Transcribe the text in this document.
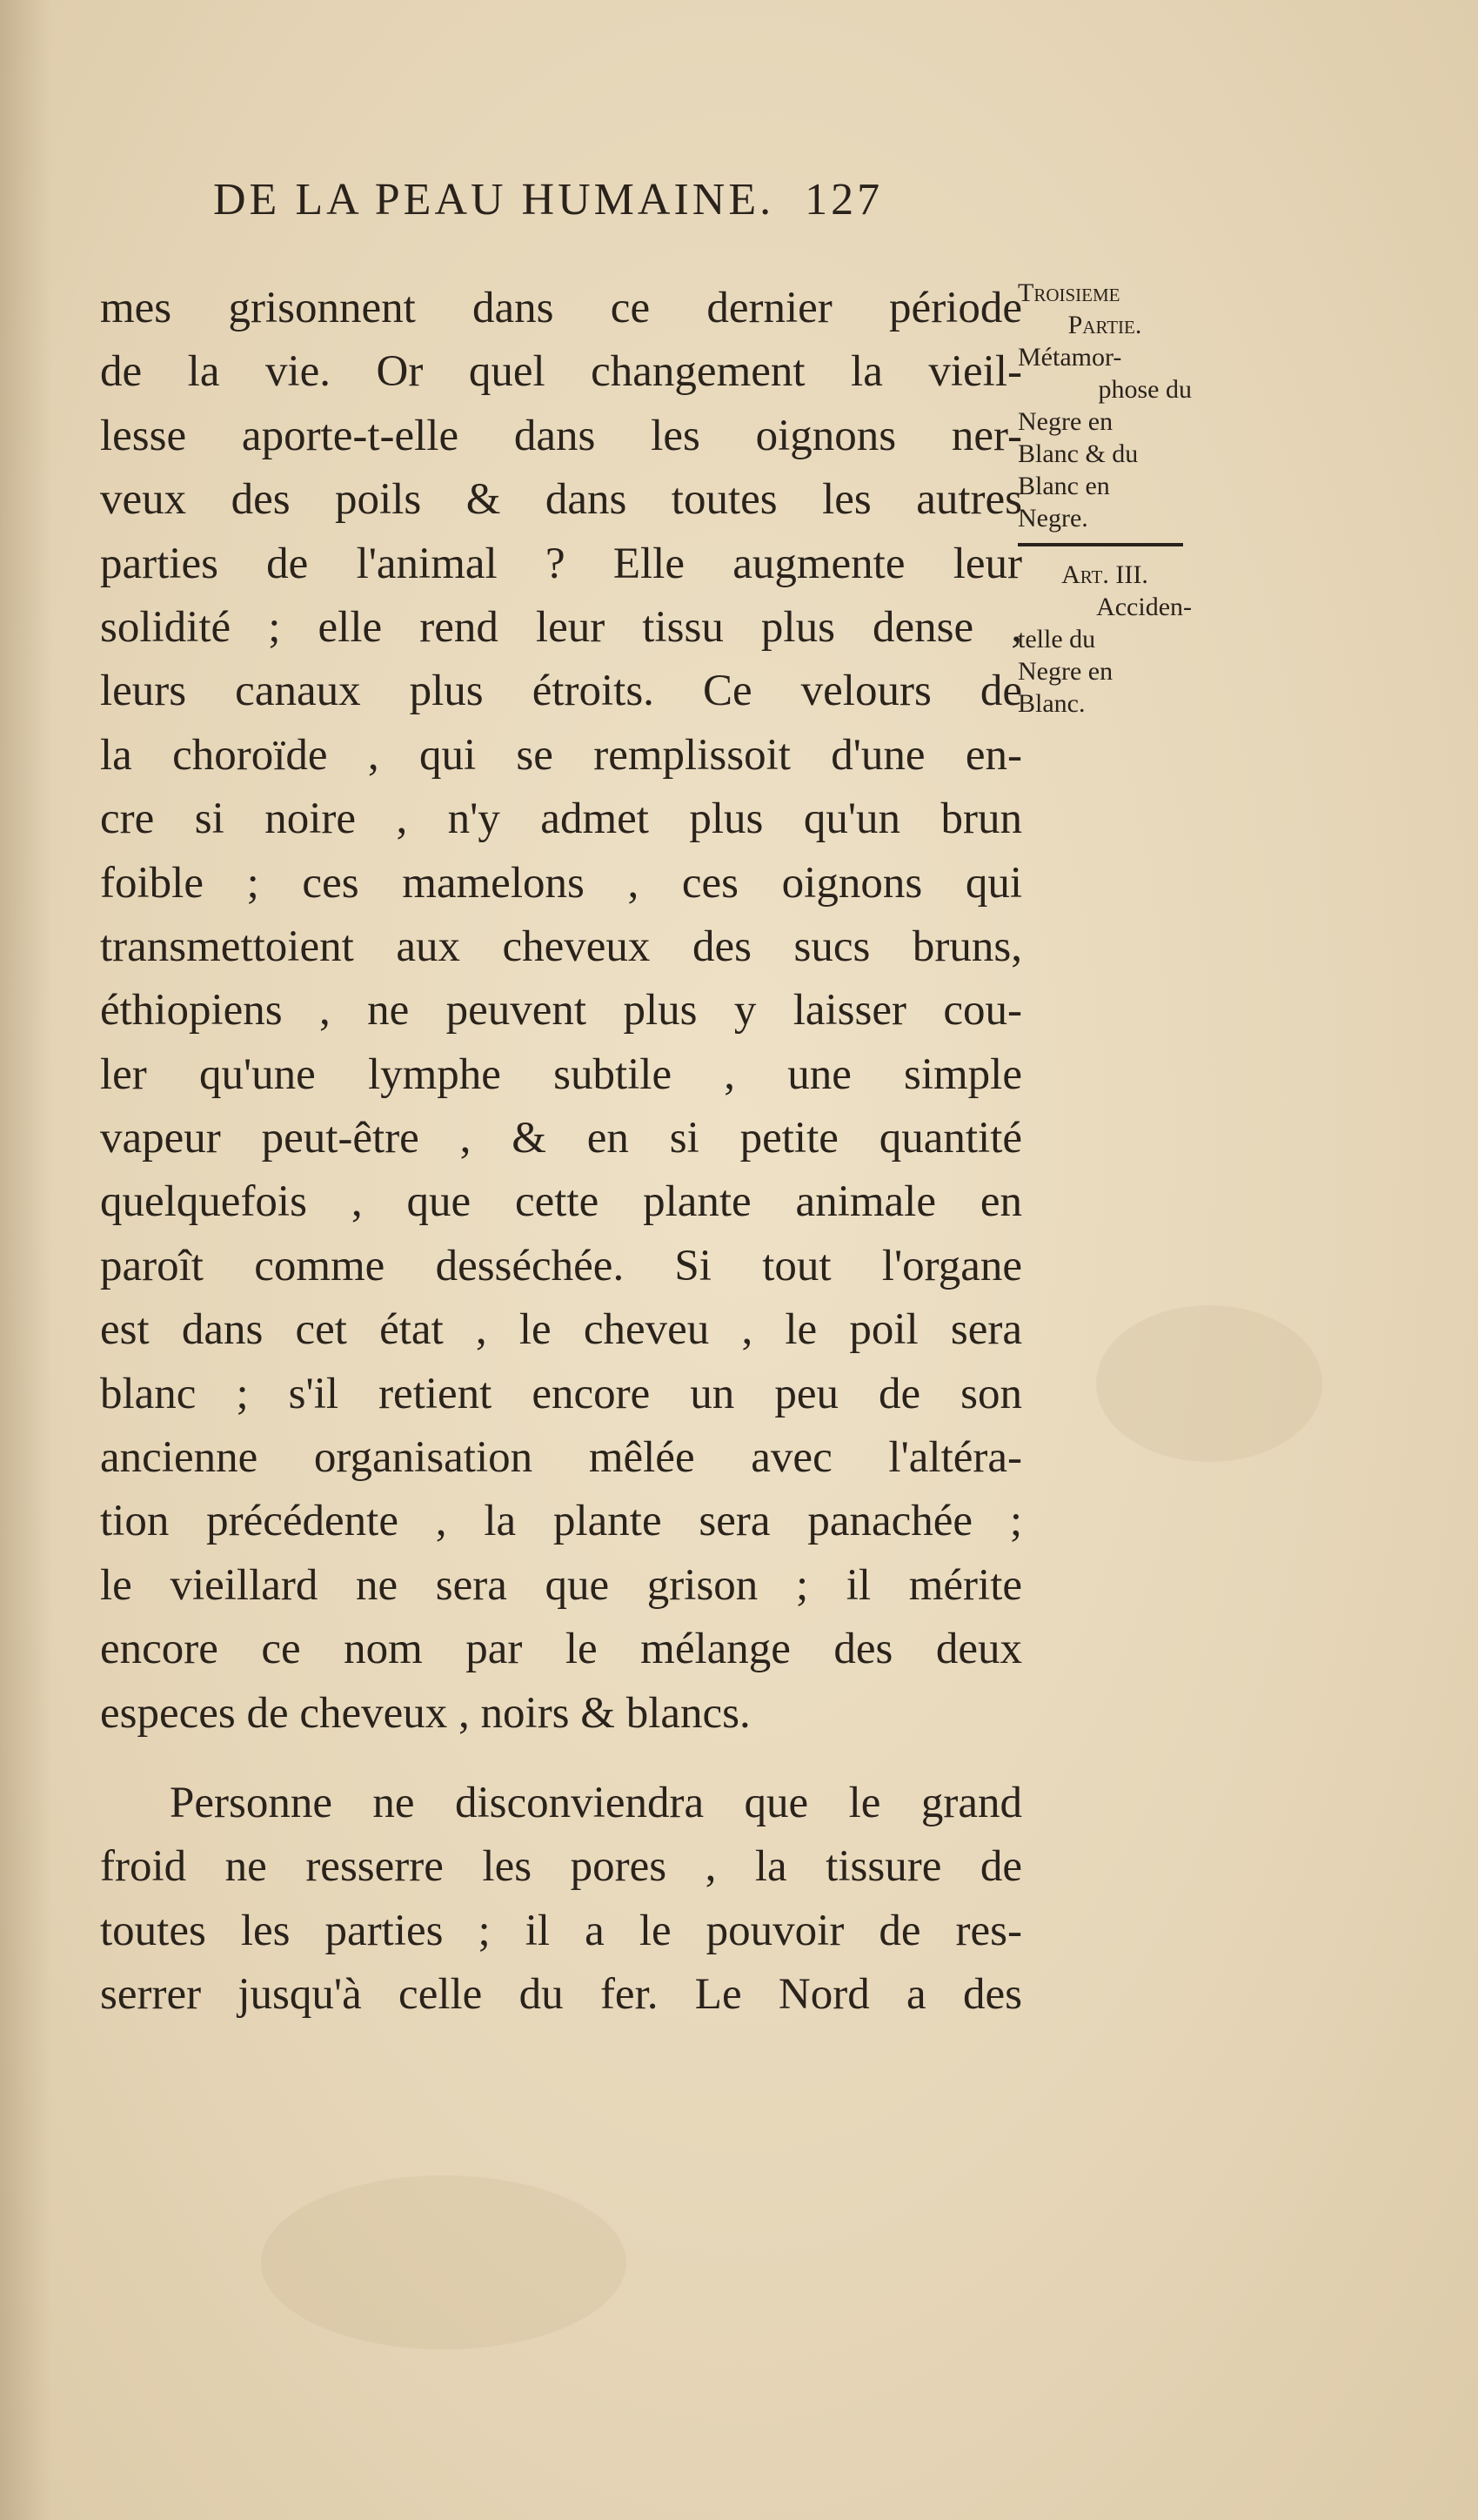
DE LA PEAU HUMAINE. 127
mes grisonnent dans ce dernier période
de la vie. Or quel changement la vieil-
lesse aporte-t-elle dans les oignons ner-
veux des poils & dans toutes les autres
parties de l'animal ? Elle augmente leur
solidité ; elle rend leur tissu plus dense ,
leurs canaux plus étroits. Ce velours de
la choroïde , qui se remplissoit d'une en-
cre si noire , n'y admet plus qu'un brun
foible ; ces mamelons , ces oignons qui
transmettoient aux cheveux des sucs bruns,
éthiopiens , ne peuvent plus y laisser cou-
ler qu'une lymphe subtile , une simple
vapeur peut-être , & en si petite quantité
quelquefois , que cette plante animale en
paroît comme desséchée. Si tout l'organe
est dans cet état , le cheveu , le poil sera
blanc ; s'il retient encore un peu de son
ancienne organisation mêlée avec l'altéra-
tion précédente , la plante sera panachée ;
le vieillard ne sera que grison ; il mérite
encore ce nom par le mélange des deux
especes de cheveux , noirs & blancs.
Personne ne disconviendra que le grand
froid ne resserre les pores , la tissure de
toutes les parties ; il a le pouvoir de res-
serrer jusqu'à celle du fer. Le Nord a des
Troisieme
Partie.
Métamor-
phose du
Negre en
Blanc & du
Blanc en
Negre.
Art. III.
Acciden-
telle du
Negre en
Blanc.
